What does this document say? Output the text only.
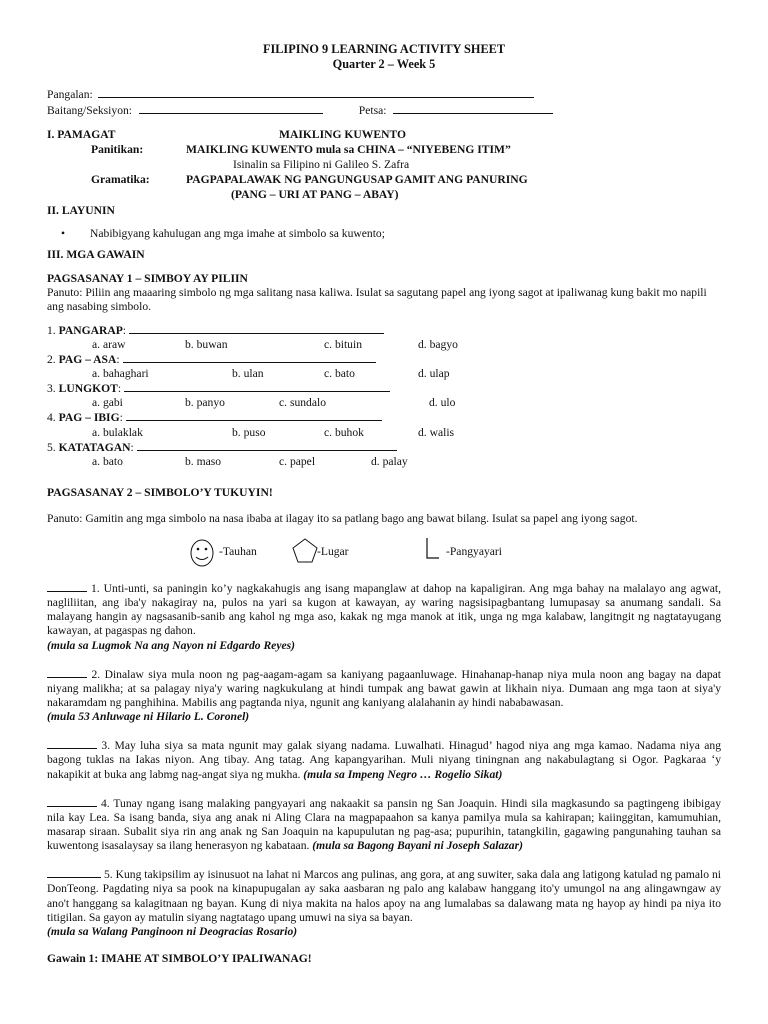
FILIPINO 9 LEARNING ACTIVITY SHEET
Quarter 2 – Week 5
Pangalan:
Baitang/Seksiyon:	Petsa:
I. PAMAGAT	MAIKLING KUWENTO
Panitikan:	MAIKLING KUWENTO mula sa CHINA – “NIYEBENG ITIM”
Isinalin sa Filipino ni Galileo S. Zafra
Gramatika:	PAGPAPALAWAK NG PANGUNGUSAP GAMIT ANG PANURING
(PANG – URI AT PANG – ABAY)
II. LAYUNIN
• Nabibigyang kahulugan ang mga imahe at simbolo sa kuwento;
III. MGA GAWAIN
PAGSASANAY 1 – SIMBOY AY PILIIN
Panuto: Piliin ang maaaring simbolo ng mga salitang nasa kaliwa. Isulat sa sagutang papel ang iyong sagot at ipaliwanag kung bakit mo napili ang nasabing simbolo.
1. PANGARAP:
a. araw	b. buwan	c. bituin	d. bagyo
2. PAG – ASA:
a. bahaghari	b. ulan	c. bato	d. ulap
3. LUNGKOT:
a. gabi	b. panyo	c. sundalo	d. ulo
4. PAG – IBIG:
a. bulaklak	b. puso	c. buhok	d. walis
5. KATATAGAN:
a. bato	b. maso	c. papel	d. palay
PAGSASANAY 2 – SIMBOLO’Y TUKUYIN!
Panuto: Gamitin ang mga simbolo na nasa ibaba at ilagay ito sa patlang bago ang bawat bilang. Isulat sa papel ang iyong sagot.
-Tauhan	-Lugar	-Pangyayari
1. Unti-unti, sa paningin ko’y nagkakahugis ang isang mapanglaw at dahop na kapaligiran. Ang mga bahay na malalayo ang agwat, nagliliitan, ang iba'y nakagiray na, pulos na yari sa kugon at kawayan, ay waring nagsisipagbantang lumupasay sa anumang sandali. Sa malayang hangin ay nagsasanib-sanib ang kahol ng mga aso, kakak ng mga manok at itik, unga ng mga kalabaw, langitngit ng nagtatayugang kawayan, at pagaspas ng dahon.
(mula sa Lugmok Na ang Nayon ni Edgardo Reyes)
2. Dinalaw siya mula noon ng pag-aagam-agam sa kaniyang pagaanluwage. Hinahanap-hanap niya mula noon ang bagay na dapat niyang malikha; at sa palagay niya'y waring nagkukulang at hindi tumpak ang bawat gawin at likhain niya. Dumaan ang mga taon at siya'y nakaramdam ng panghihina. Mabilis ang pagtanda niya, ngunit ang kaniyang alalahanin ay hindi nababawasan.
(mula 53 Anluwage ni Hilario L. Coronel)
3. May luha siya sa mata ngunit may galak siyang nadama. Luwalhati. Hinagud’ hagod niya ang mga kamao. Nadama niya ang bagong tuklas na Iakas niyon. Ang tibay. Ang tatag. Ang kapangyarihan. Muli niyang tiningnan ang nakabulagtang si Ogor. Pagkaraa ‘y nakapikit at buka ang labmg nag-angat siya ng mukha. (mula sa Impeng Negro … Rogelio Sikat)
4. Tunay ngang isang malaking pangyayari ang nakaakit sa pansin ng San Joaquin. Hindi sila magkasundo sa pagtingeng ibibigay nila kay Lea. Sa isang banda, siya ang anak ni Aling Clara na magpapaahon sa kanya pamilya mula sa kahirapan; kaiinggitan, kamumuhian, masarap siraan. Subalit siya rin ang anak ng San Joaquin na kapupulutan ng pag-asa; pupurihin, tatangkilin, gagawing pangunahing tauhan sa kuwentong isasalaysay sa ilang henerasyon ng kabataan. (mula sa Bagong Bayani ni Joseph Salazar)
5. Kung takipsilim ay isinusuot na lahat ni Marcos ang pulinas, ang gora, at ang suwiter, saka dala ang latigong katulad ng pamalo ni DonTeong. Pagdating niya sa pook na kinapupugalan ay saka aasbaran ng palo ang kalabaw hanggang ito'y umungol na ang alingawngaw ay ano't hanggang sa kalagitnaan ng bayan. Kung di niya makita na halos apoy na ang lumalabas sa dalawang mata ng hayop ay hindi pa niya ito titigilan. Sa gayon ay matulin siyang nagtatago upang umuwi na siya sa bayan.
(mula sa Walang Panginoon ni Deogracias Rosario)
Gawain 1: IMAHE AT SIMBOLO’Y IPALIWANAG!
